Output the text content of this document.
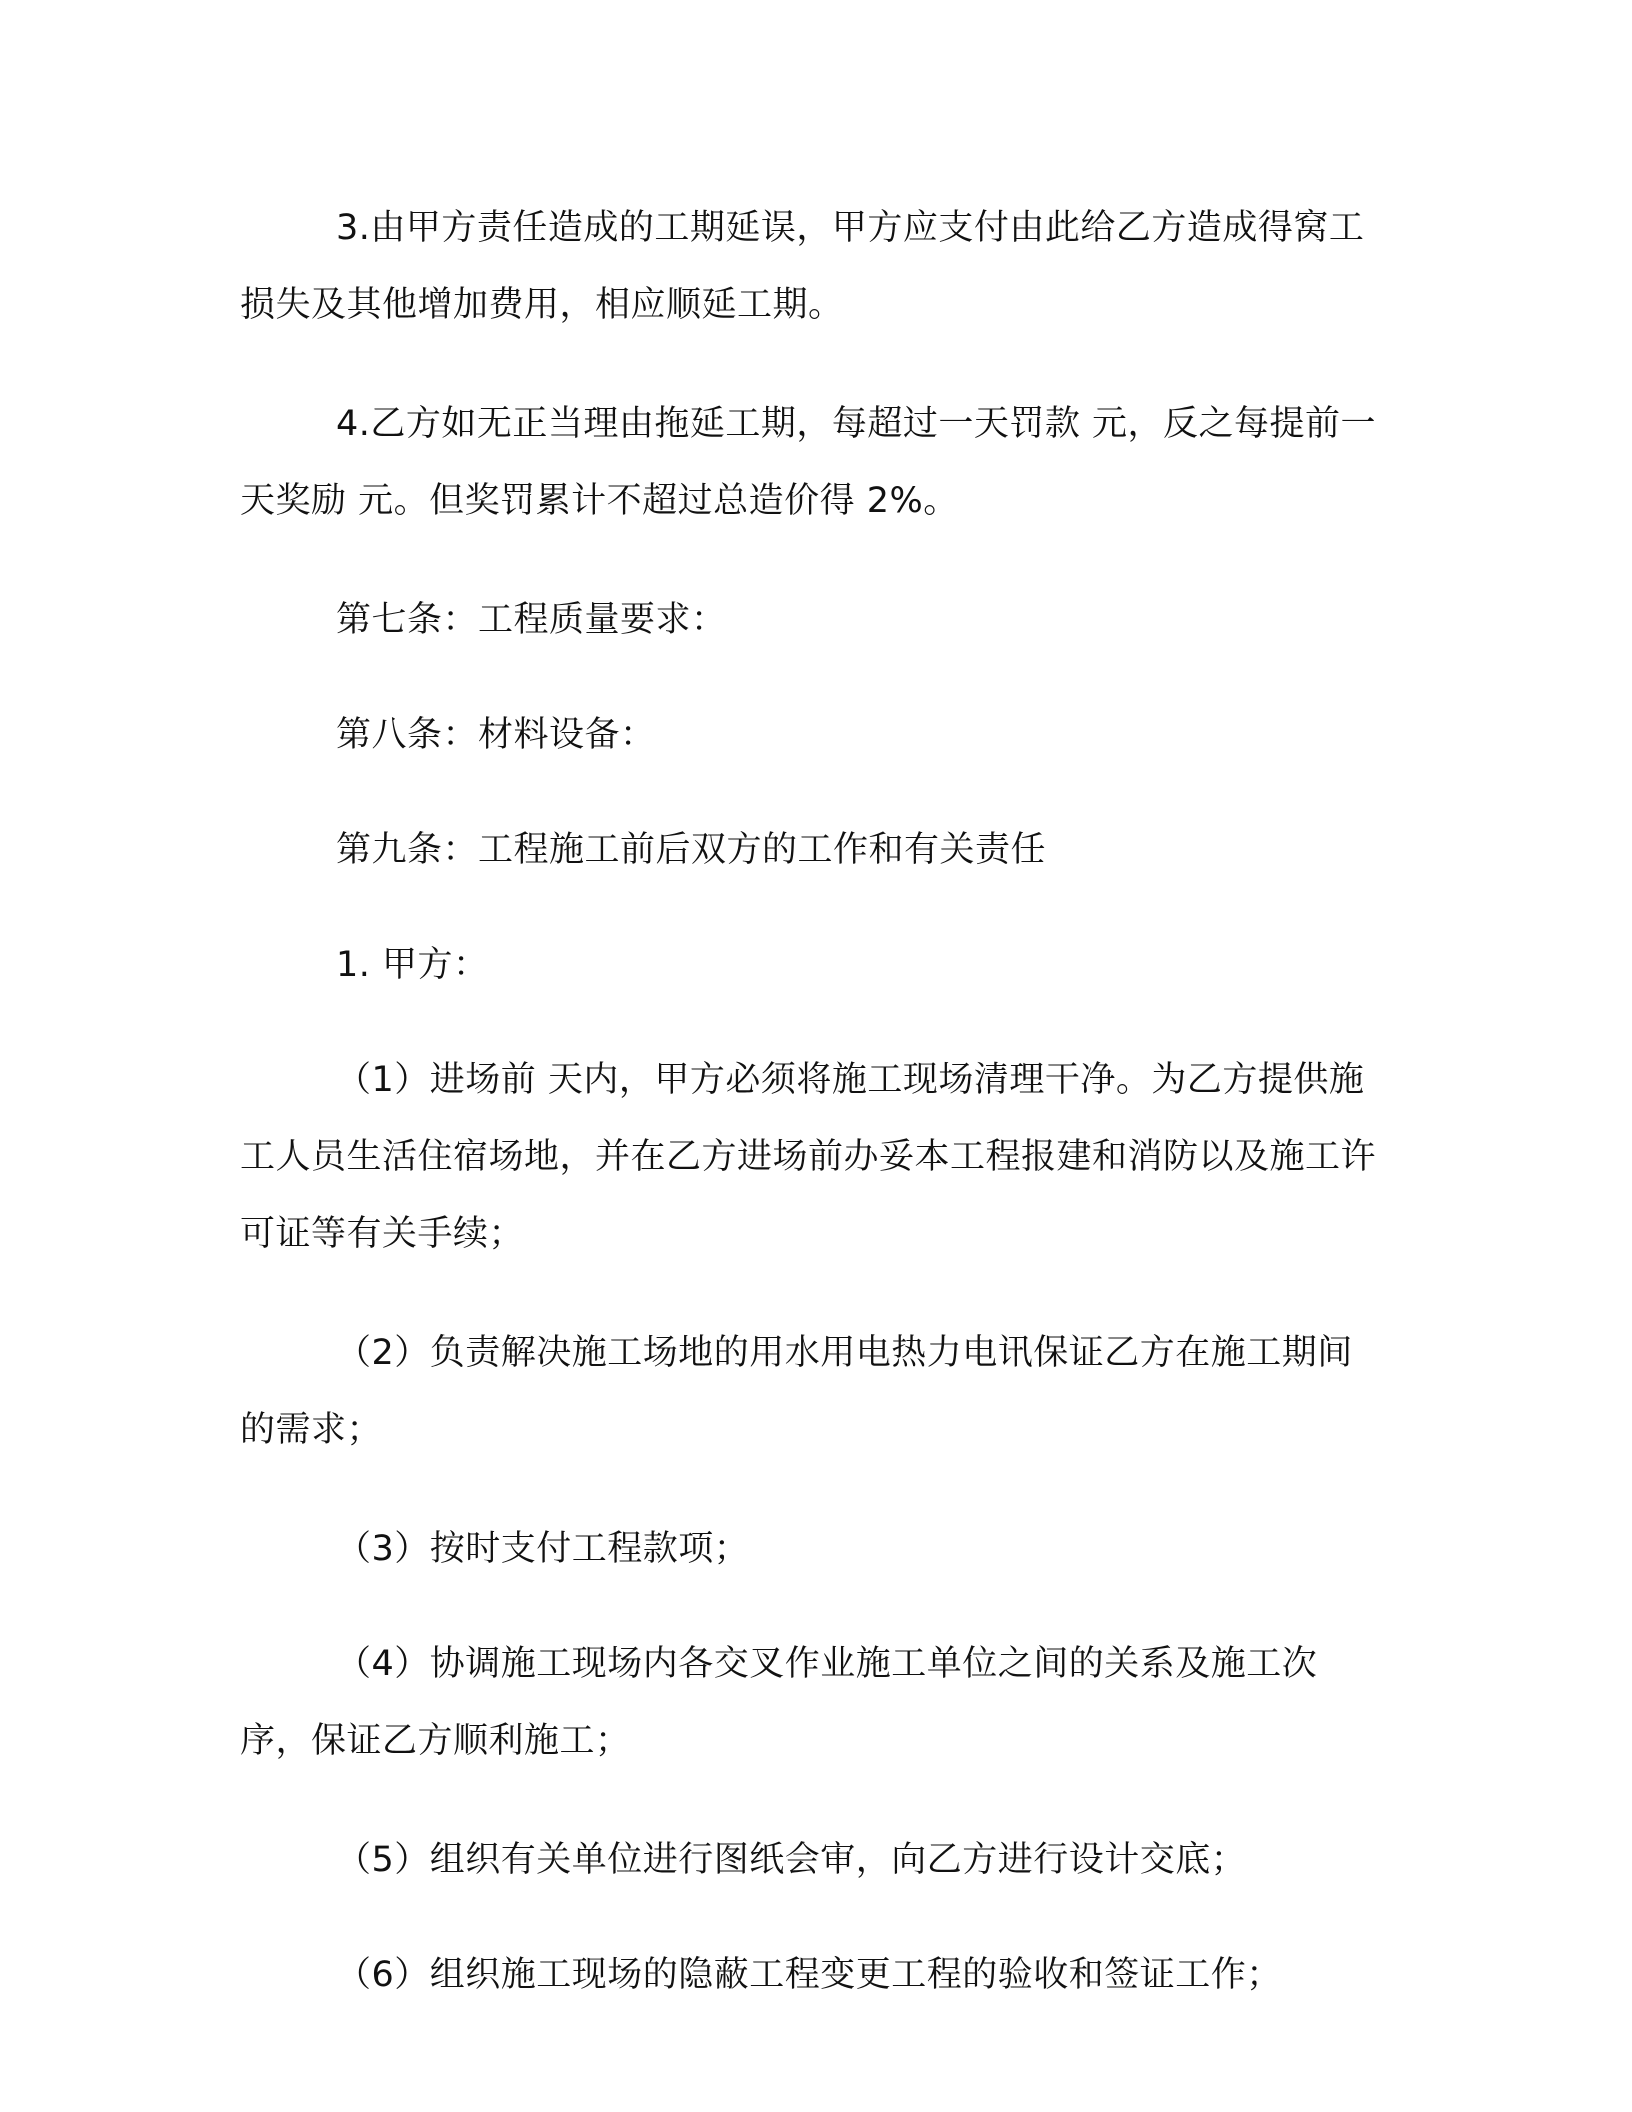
3.由甲方责任造成的工期延误，甲方应支付由此给乙方造成得窝工损失及其他增加费用，相应顺延工期。

4.乙方如无正当理由拖延工期，每超过一天罚款 元，反之每提前一天奖励 元。但奖罚累计不超过总造价得 2%。

第七条：工程质量要求：

第八条：材料设备：

第九条：工程施工前后双方的工作和有关责任

1. 甲方：

（1）进场前 天内，甲方必须将施工现场清理干净。为乙方提供施工人员生活住宿场地，并在乙方进场前办妥本工程报建和消防以及施工许可证等有关手续；

（2）负责解决施工场地的用水用电热力电讯保证乙方在施工期间的需求；

（3）按时支付工程款项；

（4）协调施工现场内各交叉作业施工单位之间的关系及施工次序，保证乙方顺利施工；

（5）组织有关单位进行图纸会审，向乙方进行设计交底；

（6）组织施工现场的隐蔽工程变更工程的验收和签证工作；
